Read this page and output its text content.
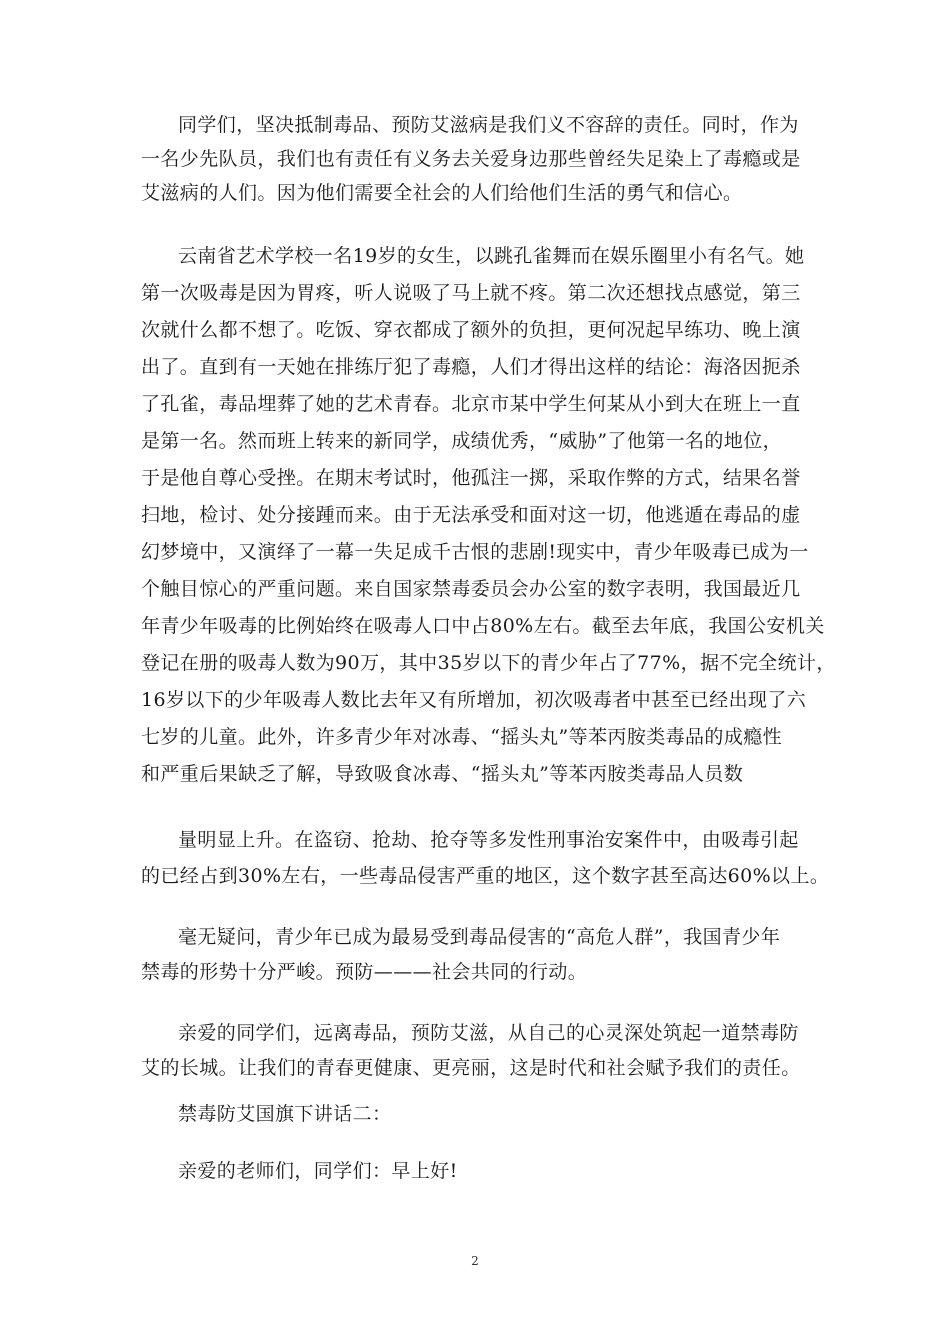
同学们，坚决抵制毒品、预防艾滋病是我们义不容辞的责任。同时，作为
一名少先队员，我们也有责任有义务去关爱身边那些曾经失足染上了毒瘾或是
艾滋病的人们。因为他们需要全社会的人们给他们生活的勇气和信心。
云南省艺术学校一名19岁的女生，以跳孔雀舞而在娱乐圈里小有名气。她
第一次吸毒是因为胃疼，听人说吸了马上就不疼。第二次还想找点感觉，第三
次就什么都不想了。吃饭、穿衣都成了额外的负担，更何况起早练功、晚上演
出了。直到有一天她在排练厅犯了毒瘾，人们才得出这样的结论：海洛因扼杀
了孔雀，毒品埋葬了她的艺术青春。北京市某中学生何某从小到大在班上一直
是第一名。然而班上转来的新同学，成绩优秀，“威胁”了他第一名的地位，
于是他自尊心受挫。在期末考试时，他孤注一掷，采取作弊的方式，结果名誉
扫地，检讨、处分接踵而来。由于无法承受和面对这一切，他逃遁在毒品的虚
幻梦境中，又演绎了一幕一失足成千古恨的悲剧!现实中，青少年吸毒已成为一
个触目惊心的严重问题。来自国家禁毒委员会办公室的数字表明，我国最近几
年青少年吸毒的比例始终在吸毒人口中占80%左右。截至去年底，我国公安机关
登记在册的吸毒人数为90万，其中35岁以下的青少年占了77%，据不完全统计，
16岁以下的少年吸毒人数比去年又有所增加，初次吸毒者中甚至已经出现了六
七岁的儿童。此外，许多青少年对冰毒、“摇头丸”等苯丙胺类毒品的成瘾性
和严重后果缺乏了解，导致吸食冰毒、“摇头丸”等苯丙胺类毒品人员数
量明显上升。在盗窃、抢劫、抢夺等多发性刑事治安案件中，由吸毒引起
的已经占到30%左右，一些毒品侵害严重的地区，这个数字甚至高达60%以上。
毫无疑问，青少年已成为最易受到毒品侵害的“高危人群”，我国青少年
禁毒的形势十分严峻。预防———社会共同的行动。
亲爱的同学们，远离毒品，预防艾滋，从自己的心灵深处筑起一道禁毒防
艾的长城。让我们的青春更健康、更亮丽，这是时代和社会赋予我们的责任。
禁毒防艾国旗下讲话二：
亲爱的老师们，同学们：早上好!
2
